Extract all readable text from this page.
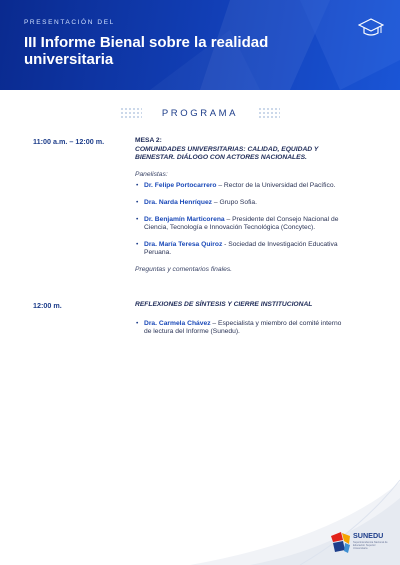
PRESENTACIÓN DEL
III Informe Bienal sobre la realidad universitaria
PROGRAMA
11:00 a.m. – 12:00 m.	MESA 2:
COMUNIDADES UNIVERSITARIAS: CALIDAD, EQUIDAD Y BIENESTAR. DIÁLOGO CON ACTORES NACIONALES.
Panelistas:
• Dr. Felipe Portocarrero – Rector de la Universidad del Pacífico.
• Dra. Narda Henríquez – Grupo Sofia.
• Dr. Benjamín Marticorena – Presidente del Consejo Nacional de Ciencia, Tecnología e Innovación Tecnológica (Concytec).
• Dra. María Teresa Quiroz - Sociedad de Investigación Educativa Peruana.
Preguntas y comentarios finales.
12:00 m.	REFLEXIONES DE SÍNTESIS Y CIERRE INSTITUCIONAL
• Dra. Carmela Chávez – Especialista y miembro del comité interno de lectura del Informe (Sunedu).
SUNEDU
Superintendencia Nacional de Educación Superior Universitaria
